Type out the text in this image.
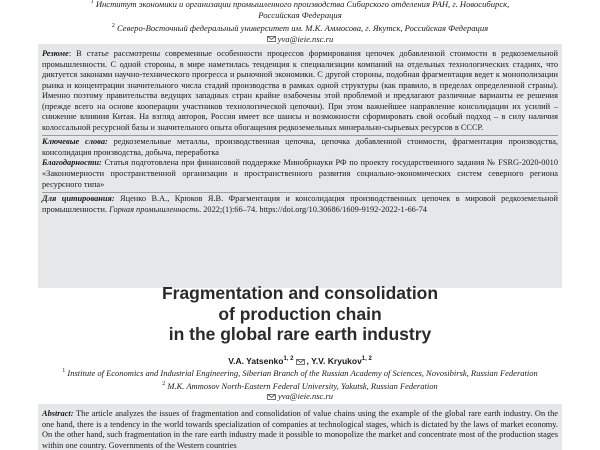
$^1$ Институт экономики и организации промышленного производства Сибирского отделения РАН, г. Новосибирск,
Российская Федерация
$^2$ Северо-Восточный федеральный университет им. М.К. Аммосова, г. Якутск, Российская Федерация
yva@ieie.nsc.ru

Резюме: В статье рассмотрены современные особенности процессов формирования цепочек добавленной стоимости в редкоземельной промышленности. С одной стороны, в мире наметилась тенденция к специализации компаний на отдельных технологических стадиях, что диктуется законами научно-технического прогресса и рыночной экономики. С другой стороны, подобная фрагментация ведет к монополизации рынка и концентрации значительного числа стадий производства в рамках одной структуры (как правило, в пределах определенной страны). Именно поэтому правительства ведущих западных стран крайне озабочены этой проблемой и предлагают различные варианты ее решения (прежде всего на основе кооперации участников технологической цепочки). При этом важнейшее направление консолидации их усилий – снижение влияния Китая. На взгляд авторов, Россия имеет все шансы и возможности сформировать свой особый подход – в силу наличия колоссальной ресурсной базы и значительного опыта обогащения редкоземельных минерально-сырьевых ресурсов в СССР.

Ключевые слова: редкоземельные металлы, производственная цепочка, цепочка добавленной стоимости, фрагментация производства, консолидация производства, добыча, переработка

Благодарности: Статья подготовлена при финансовой поддержке Минобрнауки РФ по проекту государственного задания № FSRG-2020-0010 «Закономерности пространственной организации и пространственного развития социально-экономических систем северного региона ресурсного типа»

Для цитирования: Яценко В.А., Крюков Я.В. Фрагментация и консолидация производственных цепочек в мировой редкоземельной промышленности. Горная промышленность. 2022;(1):66–74. https://doi.org/10.30686/1609-9192-2022-1-66-74

Fragmentation and consolidation
of production chain
in the global rare earth industry
V.A. Yatsenko$^{1, 2}$ , Y.V. Kryukov$^{1, 2}$
$^1$ Institute of Economics and Industrial Engineering, Siberian Branch of the Russian Academy of Sciences, Novosibirsk, Russian Federation
$^2$ M.K. Ammosov North-Eastern Federal University, Yakutsk, Russian Federation
yva@ieie.nsc.ru

Abstract: The article analyzes the issues of fragmentation and consolidation of value chains using the example of the global rare earth industry. On the one hand, there is a tendency in the world towards specialization of companies at technological stages, which is dictated by the laws of market economy. On the other hand, such fragmentation in the rare earth industry made it possible to monopolize the market and concentrate most of the production stages within one country. Governments of the Western countries
